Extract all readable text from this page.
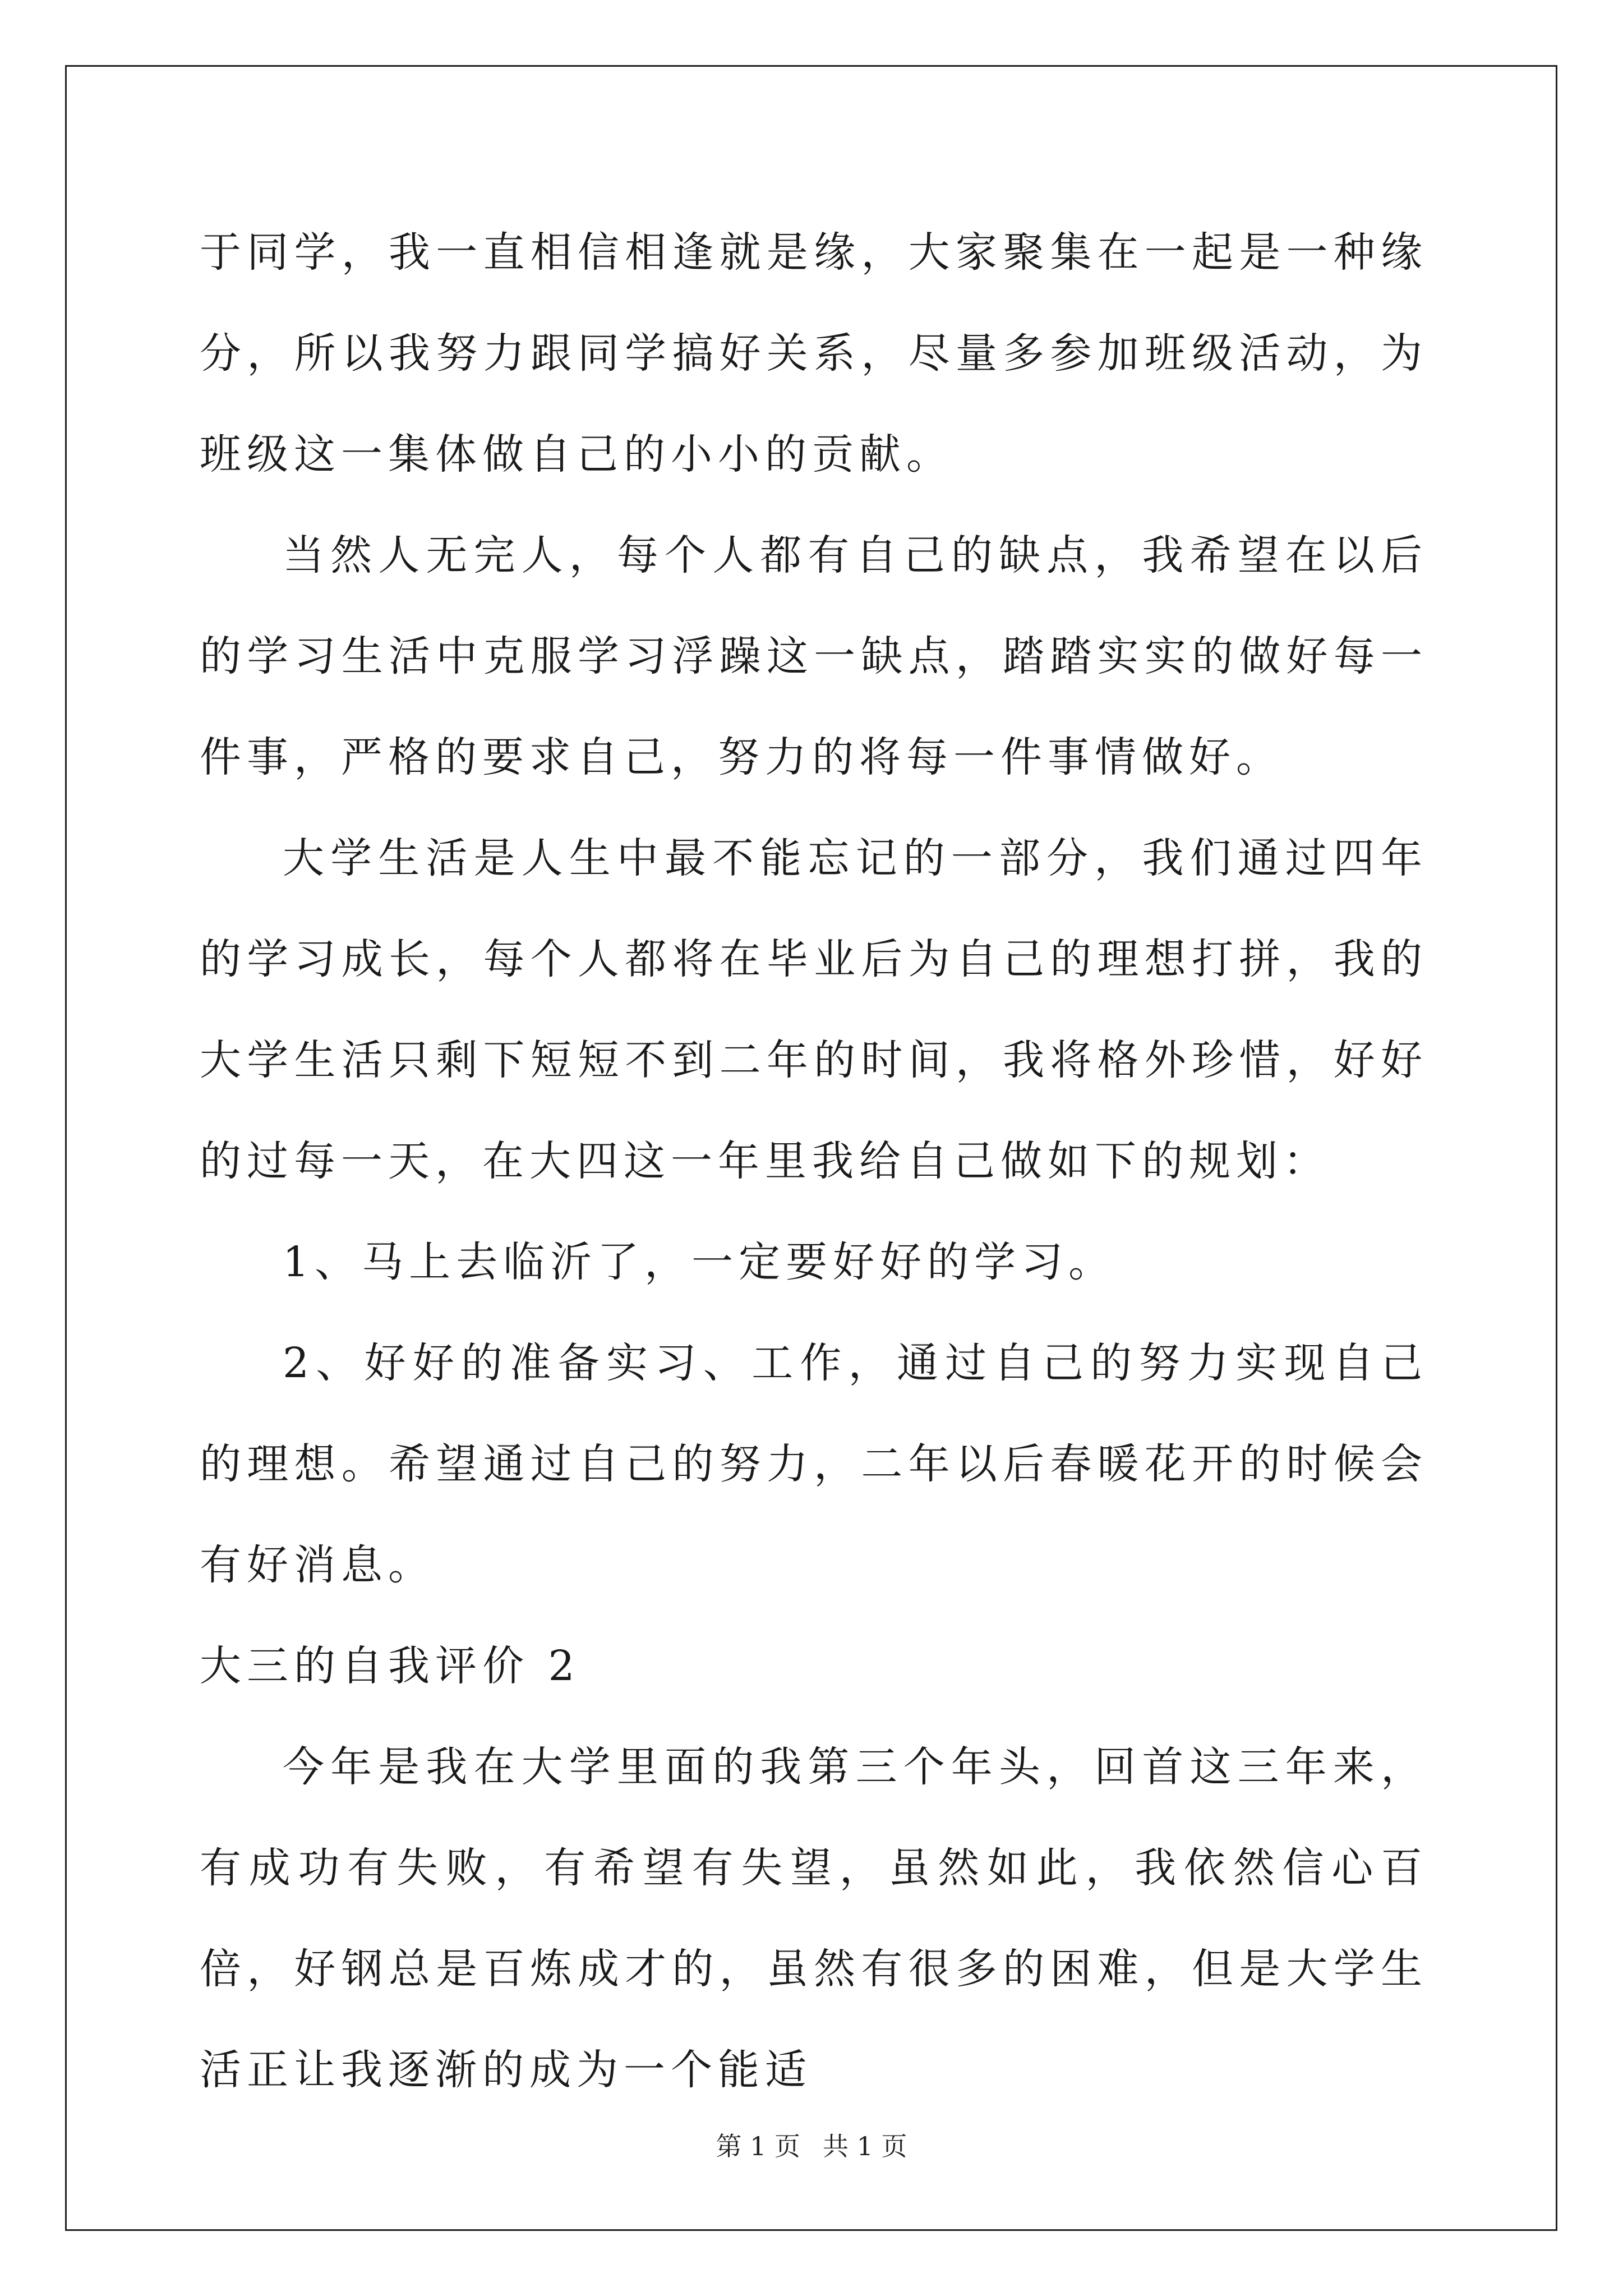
于同学，我一直相信相逢就是缘，大家聚集在一起是一种缘分，所以我努力跟同学搞好关系，尽量多参加班级活动，为班级这一集体做自己的小小的贡献。

当然人无完人，每个人都有自己的缺点，我希望在以后的学习生活中克服学习浮躁这一缺点，踏踏实实的做好每一件事，严格的要求自己，努力的将每一件事情做好。

大学生活是人生中最不能忘记的一部分，我们通过四年的学习成长，每个人都将在毕业后为自己的理想打拼，我的大学生活只剩下短短不到二年的时间，我将格外珍惜，好好的过每一天，在大四这一年里我给自己做如下的规划：

1、马上去临沂了，一定要好好的学习。

2、好好的准备实习、工作，通过自己的努力实现自己的理想。希望通过自己的努力，二年以后春暖花开的时候会有好消息。

大三的自我评价 2

今年是我在大学里面的我第三个年头，回首这三年来，有成功有失败，有希望有失望，虽然如此，我依然信心百倍，好钢总是百炼成才的，虽然有很多的困难，但是大学生活正让我逐渐的成为一个能适

第 1 页 共 1 页
